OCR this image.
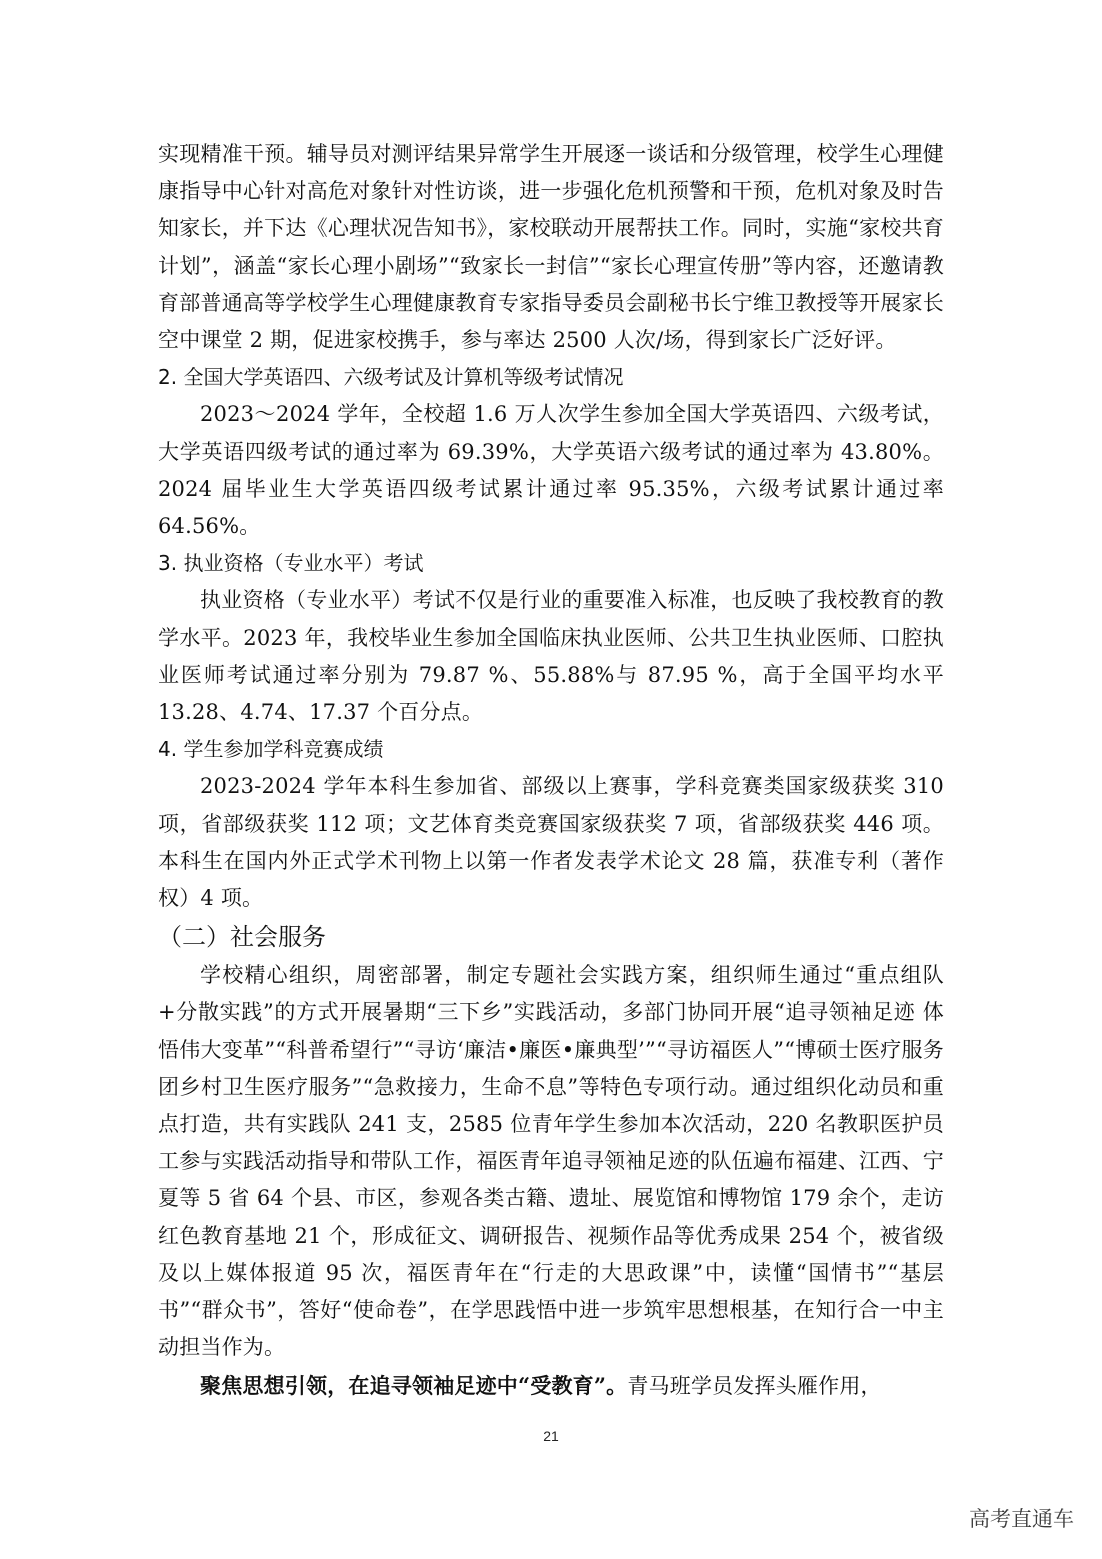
实现精准干预。辅导员对测评结果异常学生开展逐一谈话和分级管理，校学生心理健康指导中心针对高危对象针对性访谈，进一步强化危机预警和干预，危机对象及时告知家长，并下达《心理状况告知书》，家校联动开展帮扶工作。同时，实施“家校共育计划”，涵盖“家长心理小剧场”“致家长一封信”“家长心理宣传册”等内容，还邀请教育部普通高等学校学生心理健康教育专家指导委员会副秘书长宁维卫教授等开展家长空中课堂 2 期，促进家校携手，参与率达 2500 人次/场，得到家长广泛好评。

2. 全国大学英语四、六级考试及计算机等级考试情况

2023～2024 学年，全校超 1.6 万人次学生参加全国大学英语四、六级考试，大学英语四级考试的通过率为 69.39%，大学英语六级考试的通过率为 43.80%。2024 届毕业生大学英语四级考试累计通过率 95.35%，六级考试累计通过率 64.56%。

3. 执业资格（专业水平）考试

执业资格（专业水平）考试不仅是行业的重要准入标准，也反映了我校教育的教学水平。2023 年，我校毕业生参加全国临床执业医师、公共卫生执业医师、口腔执业医师考试通过率分别为 79.87 %、55.88%与 87.95 %，高于全国平均水平 13.28、4.74、17.37 个百分点。

4. 学生参加学科竞赛成绩

2023-2024 学年本科生参加省、部级以上赛事，学科竞赛类国家级获奖 310 项，省部级获奖 112 项；文艺体育类竞赛国家级获奖 7 项，省部级获奖 446 项。本科生在国内外正式学术刊物上以第一作者发表学术论文 28 篇，获准专利（著作权）4 项。

（二）社会服务

学校精心组织，周密部署，制定专题社会实践方案，组织师生通过“重点组队+分散实践”的方式开展暑期“三下乡”实践活动，多部门协同开展“追寻领袖足迹 体悟伟大变革”“科普希望行”“寻访‘廉洁•廉医•廉典型’”“寻访福医人”“博硕士医疗服务团乡村卫生医疗服务”“急救接力，生命不息”等特色专项行动。通过组织化动员和重点打造，共有实践队 241 支，2585 位青年学生参加本次活动，220 名教职医护员工参与实践活动指导和带队工作，福医青年追寻领袖足迹的队伍遍布福建、江西、宁夏等 5 省 64 个县、市区，参观各类古籍、遗址、展览馆和博物馆 179 余个，走访红色教育基地 21 个，形成征文、调研报告、视频作品等优秀成果 254 个，被省级及以上媒体报道 95 次，福医青年在“行走的大思政课”中，读懂“国情书”“基层书”“群众书”，答好“使命卷”，在学思践悟中进一步筑牢思想根基，在知行合一中主动担当作为。

聚焦思想引领，在追寻领袖足迹中“受教育”。青马班学员发挥头雁作用，

21
高考直通车
